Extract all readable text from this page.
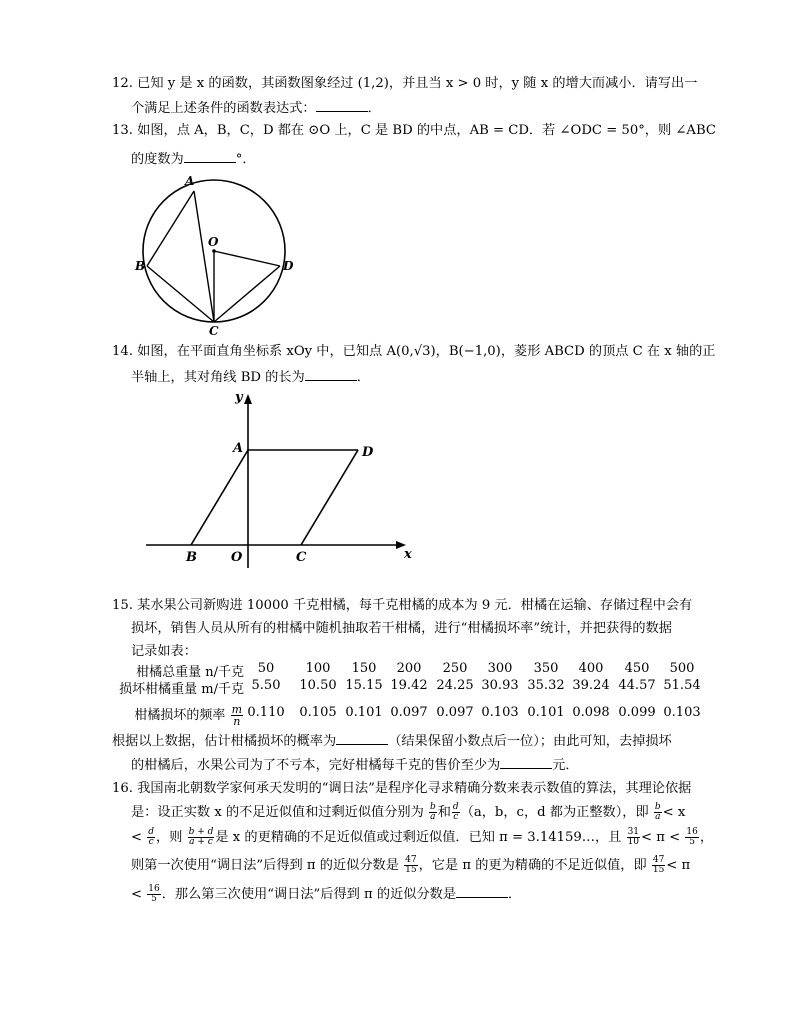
12. 已知 y 是 x 的函数，其函数图象经过 (1,2)，并且当 x > 0 时，y 随 x 的增大而减小．请写出一
个满足上述条件的函数表达式：	．
13. 如图，点 A，B，C，D 都在 ⊙O 上，C 是 BD 的中点，AB = CD．若 ∠ODC = 50°，则 ∠ABC
的度数为	°．
A
B
C
D
O
14. 如图，在平面直角坐标系 xOy 中，已知点 A(0,√3)，B(−1,0)，菱形 ABCD 的顶点 C 在 x 轴的正
半轴上，其对角线 BD 的长为	．
y
x
A	D
B	O	C
15. 某水果公司新购进 10000 千克柑橘，每千克柑橘的成本为 9 元．柑橘在运输、存储过程中会有
损坏，销售人员从所有的柑橘中随机抽取若干柑橘，进行“柑橘损坏率”统计，并把获得的数据
记录如表：
柑橘总重量 n/千克	50	100	150	200	250	300	350	400	450	500
损坏柑橘重量 m/千克 5.50	10.50 15.15 19.42 24.25 30.93 35.32 39.24 44.57 51.54
柑橘损坏的频率 $\frac{m}{n} 0.110$	0.105 0.101 0.097 0.097 0.103 0.101 0.098 0.099 0.103
根据以上数据，估计柑橘损坏的概率为	（结果保留小数点后一位）；由此可知，去掉损坏
的柑橘后，水果公司为了不亏本，完好柑橘每千克的售价至少为	元．
16. 我国南北朝数学家何承天发明的“调日法”是程序化寻求精确分数来表示数值的算法，其理论依据
是：设正实数 x 的不足近似值和过剩近似值分别为 $\frac{b}{a}$ 和 $\frac{d}{c} (a$，b，c，d 都为正整数），即 $\frac{b}{a} < x$
< $\frac{d}{c}$ ，则 $\frac{b + d}{a + c}$ 是 x 的更精确的不足近似值或过剩近似值．已知 π = 3.14159…，且 $\frac{31}{10} < \pi < \frac{16}{5}$ ，
则第一次使用“调日法”后得到 π 的近似分数是 $\frac{47}{15}$ ，它是 π 的更为精确的不足近似值，即 $\frac{47}{15} < \pi$
< $\frac{16}{5}$ ．那么第三次使用“调日法”后得到 π 的近似分数是	．
